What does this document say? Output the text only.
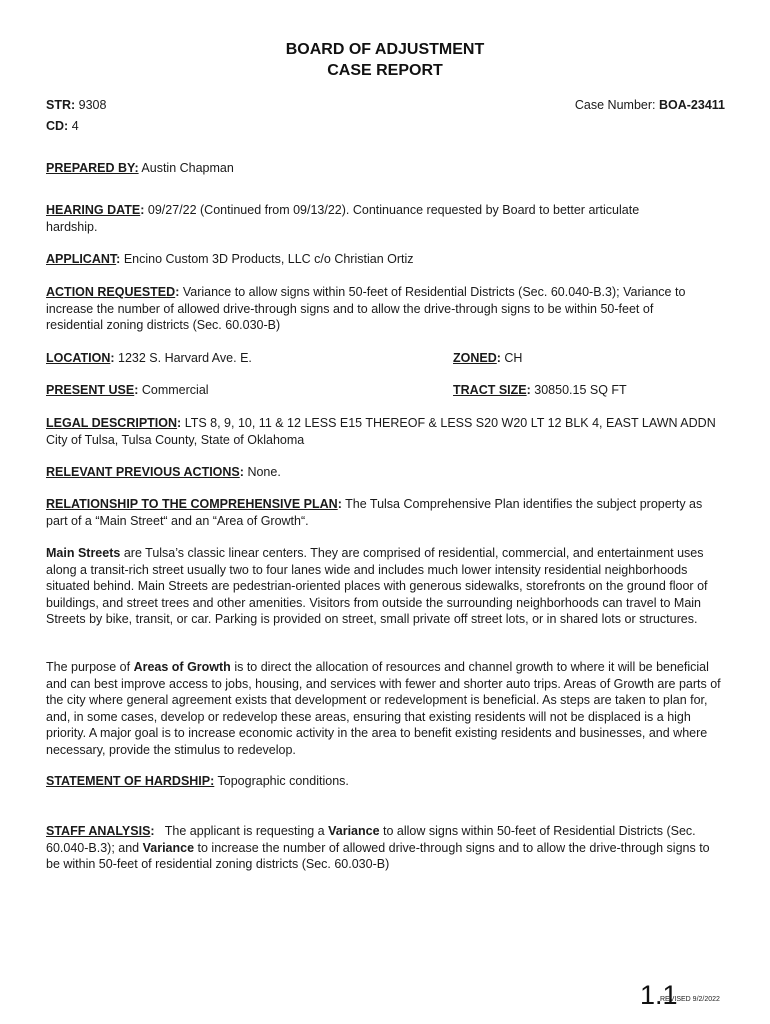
BOARD OF ADJUSTMENT
CASE REPORT
STR: 9308
CD: 4
Case Number: BOA-23411
PREPARED BY: Austin Chapman
HEARING DATE: 09/27/22 (Continued from 09/13/22). Continuance requested by Board to better articulate hardship.
APPLICANT: Encino Custom 3D Products, LLC c/o Christian Ortiz
ACTION REQUESTED: Variance to allow signs within 50-feet of Residential Districts (Sec. 60.040-B.3); Variance to increase the number of allowed drive-through signs and to allow the drive-through signs to be within 50-feet of residential zoning districts (Sec. 60.030-B)
LOCATION: 1232 S. Harvard Ave. E.	ZONED: CH
PRESENT USE: Commercial	TRACT SIZE: 30850.15 SQ FT
LEGAL DESCRIPTION: LTS 8, 9, 10, 11 & 12 LESS E15 THEREOF & LESS S20 W20 LT 12 BLK 4, EAST LAWN ADDN City of Tulsa, Tulsa County, State of Oklahoma
RELEVANT PREVIOUS ACTIONS: None.
RELATIONSHIP TO THE COMPREHENSIVE PLAN: The Tulsa Comprehensive Plan identifies the subject property as part of a “Main Street“ and an “Area of Growth“.
Main Streets are Tulsa’s classic linear centers. They are comprised of residential, commercial, and entertainment uses along a transit-rich street usually two to four lanes wide and includes much lower intensity residential neighborhoods situated behind. Main Streets are pedestrian-oriented places with generous sidewalks, storefronts on the ground floor of buildings, and street trees and other amenities. Visitors from outside the surrounding neighborhoods can travel to Main Streets by bike, transit, or car. Parking is provided on street, small private off street lots, or in shared lots or structures.
The purpose of Areas of Growth is to direct the allocation of resources and channel growth to where it will be beneficial and can best improve access to jobs, housing, and services with fewer and shorter auto trips. Areas of Growth are parts of the city where general agreement exists that development or redevelopment is beneficial. As steps are taken to plan for, and, in some cases, develop or redevelop these areas, ensuring that existing residents will not be displaced is a high priority. A major goal is to increase economic activity in the area to benefit existing residents and businesses, and where necessary, provide the stimulus to redevelop.
STATEMENT OF HARDSHIP: Topographic conditions.
STAFF ANALYSIS: The applicant is requesting a Variance to allow signs within 50-feet of Residential Districts (Sec. 60.040-B.3); and Variance to increase the number of allowed drive-through signs and to allow the drive-through signs to be within 50-feet of residential zoning districts (Sec. 60.030-B)
1.1
REVISED 9/2/2022
